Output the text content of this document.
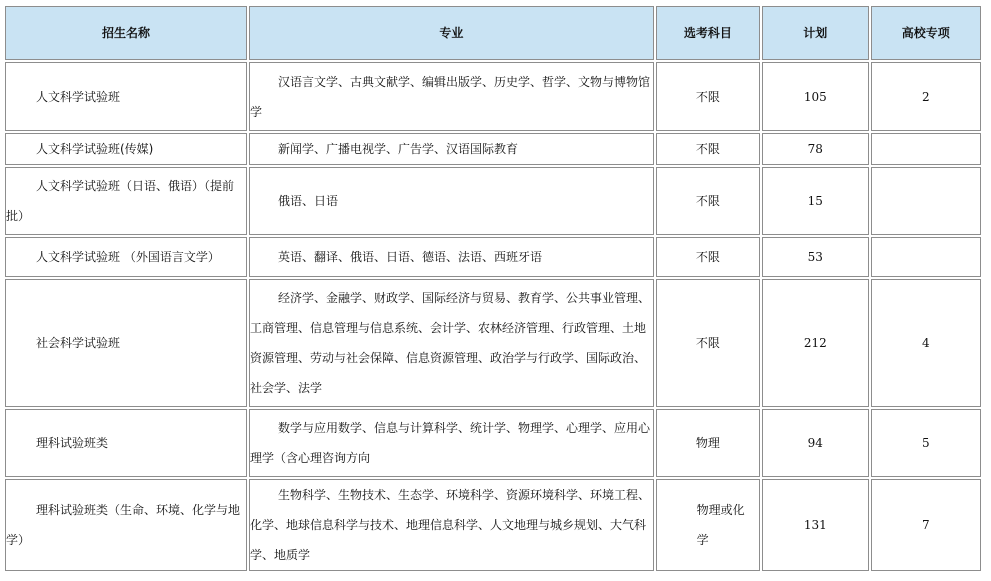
招生名称	专业	选考科目	计划	高校专项
人文科学试验班	汉语言文学、古典文献学、编辑出版学、历史学、哲学、文物与博物馆学	不限	105	2
人文科学试验班(传媒)	新闻学、广播电视学、广告学、汉语国际教育	不限	78	
人文科学试验班（日语、俄语）（提前批）	俄语、日语	不限	15	
人文科学试验班 （外国语言文学）	英语、翻译、俄语、日语、德语、法语、西班牙语	不限	53	
社会科学试验班	经济学、金融学、财政学、国际经济与贸易、教育学、公共事业管理、工商管理、信息管理与信息系统、会计学、农林经济管理、行政管理、土地资源管理、劳动与社会保障、信息资源管理、政治学与行政学、国际政治、社会学、法学	不限	212	4
理科试验班类	数学与应用数学、信息与计算科学、统计学、物理学、心理学、应用心理学（含心理咨询方向	物理	94	5
理科试验班类（生命、环境、化学与地学）	生物科学、生物技术、生态学、环境科学、资源环境科学、环境工程、化学、地球信息科学与技术、地理信息科学、人文地理与城乡规划、大气科学、地质学	物理或化学	131	7
